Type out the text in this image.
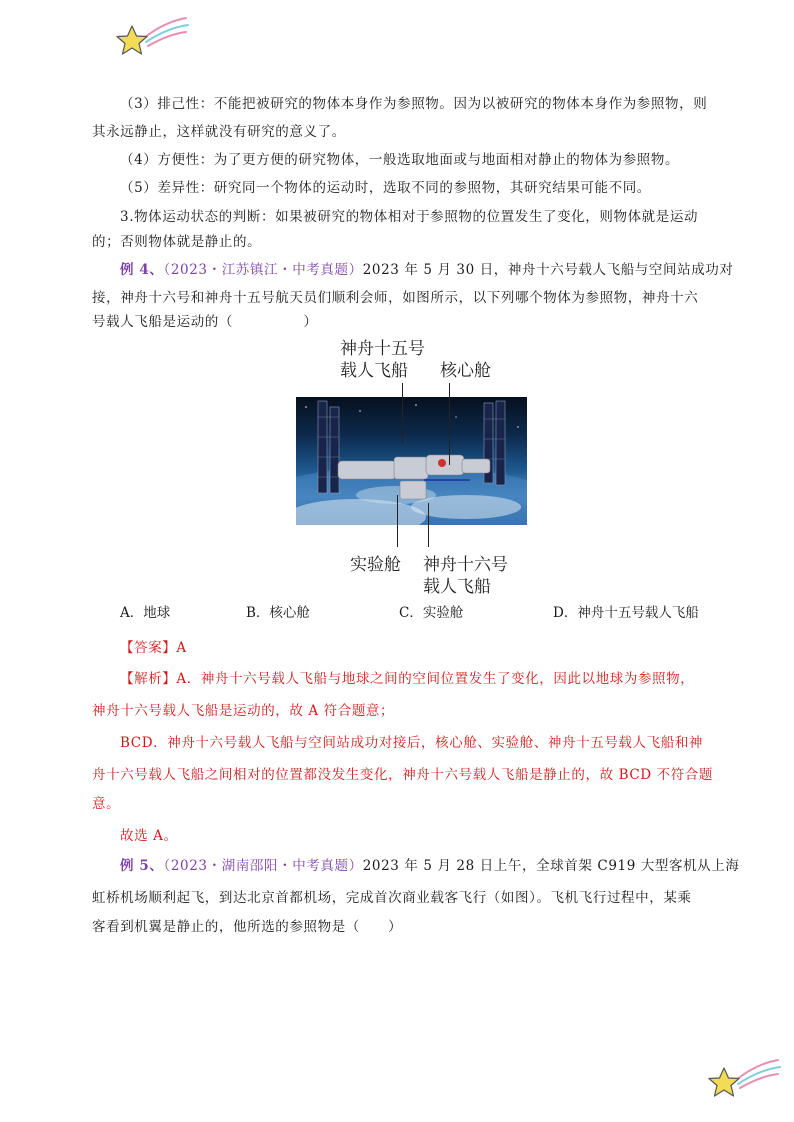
（3）排己性：不能把被研究的物体本身作为参照物。因为以被研究的物体本身作为参照物，则
其永远静止，这样就没有研究的意义了。
（4）方便性：为了更方便的研究物体，一般选取地面或与地面相对静止的物体为参照物。
（5）差异性：研究同一个物体的运动时，选取不同的参照物，其研究结果可能不同。
3.物体运动状态的判断：如果被研究的物体相对于参照物的位置发生了变化，则物体就是运动
的；否则物体就是静止的。
例 4、（2023・江苏镇江・中考真题）2023 年 5 月 30 日，神舟十六号载人飞船与空间站成功对
接，神舟十六号和神舟十五号航天员们顺利会师，如图所示，以下列哪个物体为参照物，神舟十六
号载人飞船是运动的（　　　　　）
神舟十五号
载人飞船 核心舱
实验舱 神舟十六号
载人飞船
A．地球	B．核心舱	C．实验舱	D．神舟十五号载人飞船
【答案】A
【解析】A．神舟十六号载人飞船与地球之间的空间位置发生了变化，因此以地球为参照物，
神舟十六号载人飞船是运动的，故 A 符合题意；
BCD．神舟十六号载人飞船与空间站成功对接后，核心舱、实验舱、神舟十五号载人飞船和神
舟十六号载人飞船之间相对的位置都没发生变化，神舟十六号载人飞船是静止的，故 BCD 不符合题
意。
故选 A。
例 5、（2023・湖南邵阳・中考真题）2023 年 5 月 28 日上午，全球首架 C919 大型客机从上海
虹桥机场顺利起飞，到达北京首都机场，完成首次商业载客飞行（如图）。飞机飞行过程中，某乘
客看到机翼是静止的，他所选的参照物是（　　）
